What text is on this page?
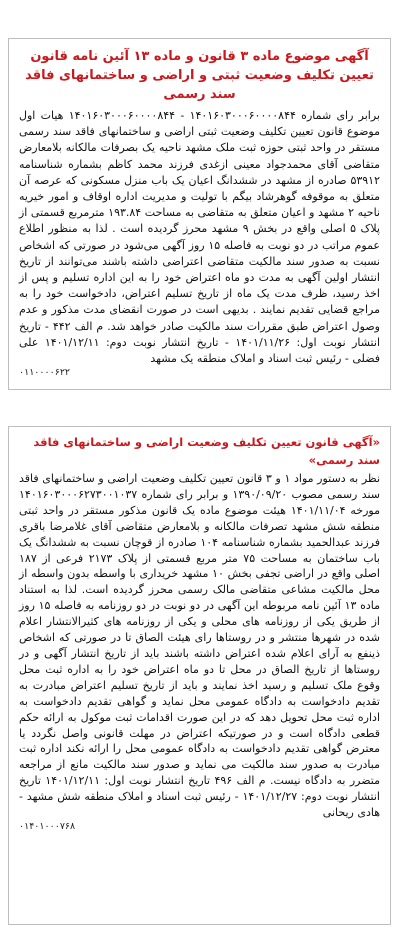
آگهی موضوع ماده ۳ قانون و ماده ۱۳ آئین نامه قانون تعیین تکلیف وضعیت ثبتی و اراضی و ساختمانهای فاقد سند رسمی
برابر رای شماره ۱۴۰۱۶۰۳۰۰۰۶۰۰۰۰۸۴۴ - ۱۴۰۱۶۰۳۰۰۰۶۰۰۰۰۸۴۴ هیات اول موضوع قانون تعیین تکلیف وضعیت ثبتی اراضی و ساختمانهای فاقد سند رسمی مستقر در واحد ثبتی حوزه ثبت ملک مشهد ناحیه یک بصرفات مالکانه بلامعارض متقاضی آقای محمدجواد معینی ازغدی فرزند محمد کاظم بشماره شناسنامه ۵۳۹۱۲ صادره از مشهد در ششدانگ اعیان یک باب منزل مسکونی که عرصه آن متعلق به موقوفه گوهرشاد بیگم با تولیت و مدیریت اداره اوقاف و امور خیریه ناحیه ۲ مشهد و اعیان متعلق به متقاضی به مساحت ۱۹۳.۸۴ مترمربع قسمتی از پلاک ۵ اصلی واقع در بخش ۹ مشهد محرز گردیده است . لذا به منظور اطلاع عموم مراتب در دو نوبت به فاصله ۱۵ روز آگهی می‌شود در صورتی که اشخاص نسبت به صدور سند مالکیت متقاضی اعتراضی داشته باشند می‌توانند از تاریخ انتشار اولین آگهی به مدت دو ماه اعتراض خود را به این اداره تسلیم و پس از اخذ رسید، ظرف مدت یک ماه از تاریخ تسلیم اعتراض، دادخواست خود را به مراجع قضایی تقدیم نمایند . بدیهی است در صورت انقضای مدت مذکور و عدم وصول اعتراض طبق مقررات سند مالکیت صادر خواهد شد. م الف ۴۴۲ - تاریخ انتشار نوبت اول: ۱۴۰۱/۱۱/۲۶ - تاریخ انتشار نوبت دوم: ۱۴۰۱/۱۲/۱۱ علی فضلی - رئیس ثبت اسناد و املاک منطقه یک مشهد
۰۱۱۰۰۰۰۶۲۲
«آگهی قانون تعیین تکلیف وضعیت اراضی و ساختمانهای فاقد سند رسمی»
نظر به دستور مواد ۱ و ۳ قانون تعیین تکلیف وضعیت اراضی و ساختمانهای فاقد سند رسمی مصوب ۱۳۹۰/۰۹/۲۰ و برابر رای شماره ۱۴۰۱۶۰۳۰۰۰۶۲۷۳۰۰۱۰۳۷ مورخه ۱۴۰۱/۱۱/۰۴ هیئت موضوع ماده یک قانون مذکور مستقر در واحد ثبتی منطقه شش مشهد تصرفات مالکانه و بلامعارض متقاضی آقای غلامرضا باقری فرزند عبدالحمید بشماره شناسنامه ۱۰۴ صادره از قوچان نسبت به ششدانگ یک باب ساختمان به مساحت ۷۵ متر مربع قسمتی از پلاک ۲۱۷۳ فرعی از ۱۸۷ اصلی واقع در اراضی تجفی بخش ۱۰ مشهد خریداری با واسطه بدون واسطه از محل مالکیت مشاعی متقاضی مالک رسمی محرز گردیده است. لذا به استناد ماده ۱۳ آئین نامه مربوطه این آگهی در دو نوبت در دو روزنامه به فاصله ۱۵ روز از طریق یکی از روزنامه های محلی و یکی از روزنامه های کثیرالانتشار اعلام شده در شهرها منتشر و در روستاها رای هیئت الصاق تا در صورتی که اشخاص ذینفع به آرای اعلام شده اعتراض داشته باشند باید از تاریخ انتشار آگهی و در روستاها از تاریخ الصاق در محل تا دو ماه اعتراض خود را به اداره ثبت محل وقوع ملک تسلیم و رسید اخذ نمایند و باید از تاریخ تسلیم اعتراض مبادرت به تقدیم دادخواست به دادگاه عمومی محل نماید و گواهی تقدیم دادخواست به اداره ثبت محل تحویل دهد که در این صورت اقدامات ثبت موکول به ارائه حکم قطعی دادگاه است و در صورتیکه اعتراض در مهلت قانونی واصل نگردد یا معترض گواهی تقدیم دادخواست به دادگاه عمومی محل را ارائه نکند اداره ثبت مبادرت به صدور سند مالکیت می نماید و صدور سند مالکیت مانع از مراجعه متضرر به دادگاه نیست. م الف ۴۹۶ تاریخ انتشار نوبت اول: ۱۴۰۱/۱۲/۱۱ تاریخ انتشار نوبت دوم: ۱۴۰۱/۱۲/۲۷ - رئیس ثبت اسناد و املاک منطقه شش مشهد - هادی ریحانی
۰۱۴۰۱۰۰۰۷۶۸
